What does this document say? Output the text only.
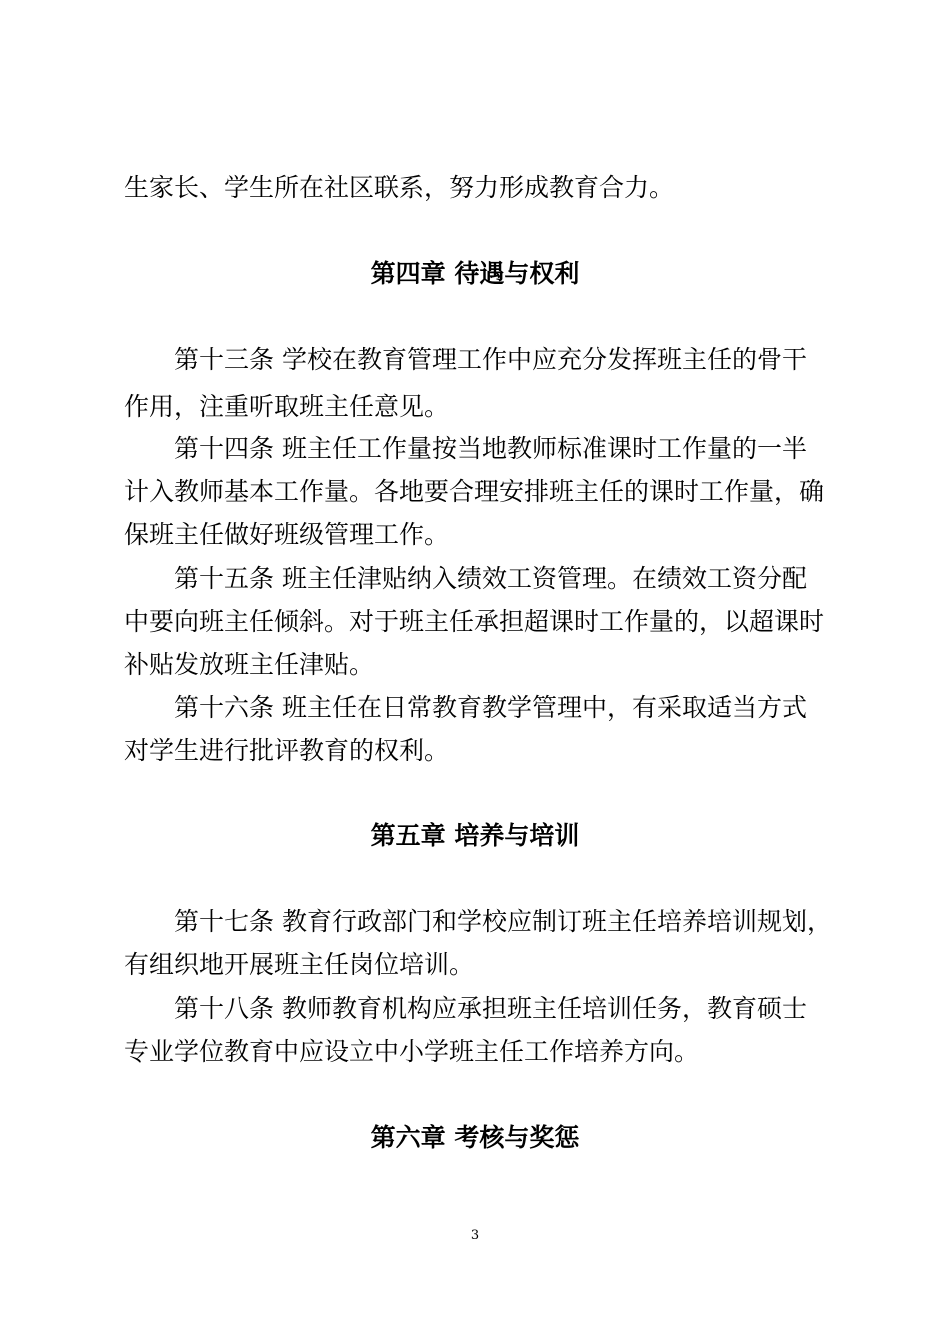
生家长、学生所在社区联系，努力形成教育合力。

第四章 待遇与权利

第十三条 学校在教育管理工作中应充分发挥班主任的骨干

作用，注重听取班主任意见。

第十四条 班主任工作量按当地教师标准课时工作量的一半

计入教师基本工作量。各地要合理安排班主任的课时工作量，确

保班主任做好班级管理工作。

第十五条 班主任津贴纳入绩效工资管理。在绩效工资分配

中要向班主任倾斜。对于班主任承担超课时工作量的，以超课时

补贴发放班主任津贴。

第十六条 班主任在日常教育教学管理中，有采取适当方式

对学生进行批评教育的权利。

第五章 培养与培训

第十七条 教育行政部门和学校应制订班主任培养培训规划，

有组织地开展班主任岗位培训。

第十八条 教师教育机构应承担班主任培训任务，教育硕士

专业学位教育中应设立中小学班主任工作培养方向。

第六章 考核与奖惩
3
